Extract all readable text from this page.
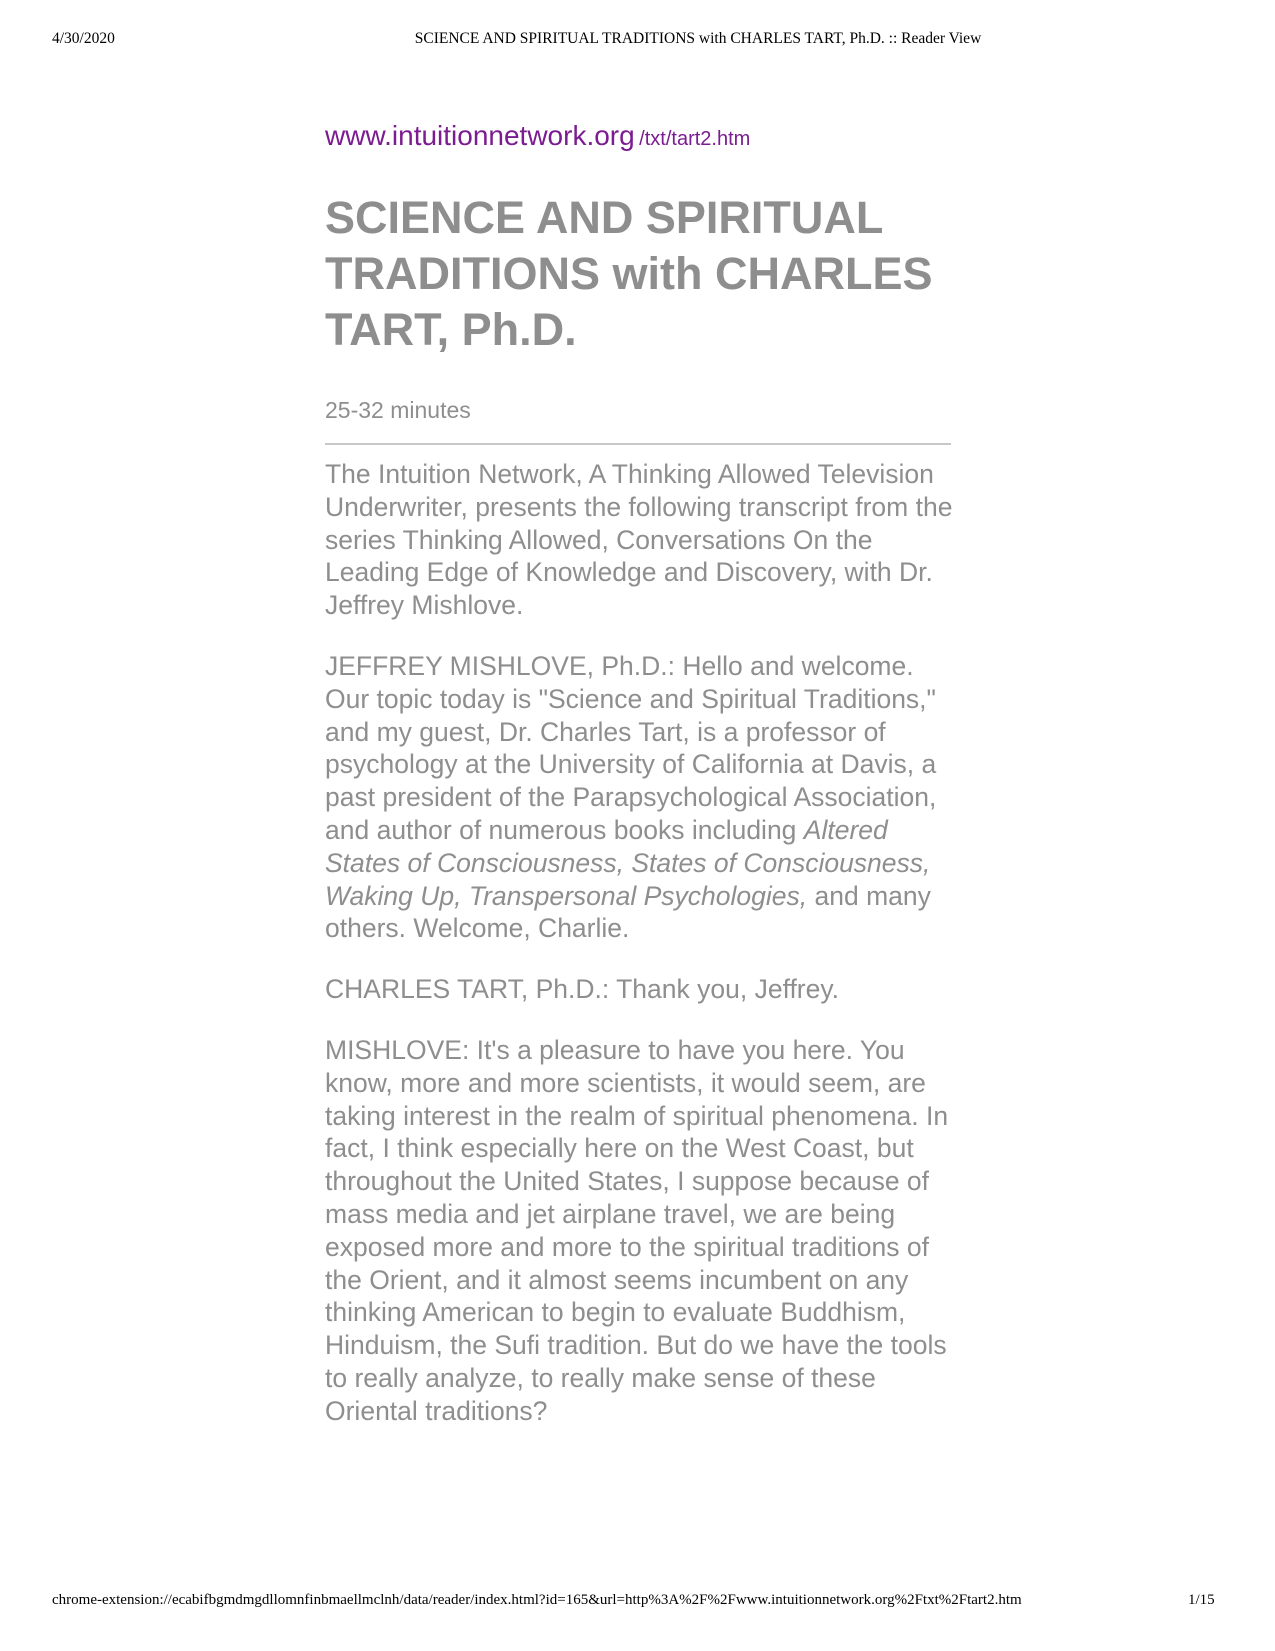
4/30/2020	SCIENCE AND SPIRITUAL TRADITIONS with CHARLES TART, Ph.D. :: Reader View
www.intuitionnetwork.org /txt/tart2.htm
SCIENCE AND SPIRITUAL TRADITIONS with CHARLES TART, Ph.D.
25-32 minutes

The Intuition Network, A Thinking Allowed Television Underwriter, presents the following transcript from the series Thinking Allowed, Conversations On the Leading Edge of Knowledge and Discovery, with Dr. Jeffrey Mishlove.

JEFFREY MISHLOVE, Ph.D.: Hello and welcome. Our topic today is "Science and Spiritual Traditions," and my guest, Dr. Charles Tart, is a professor of psychology at the University of California at Davis, a past president of the Parapsychological Association, and author of numerous books including Altered States of Consciousness, States of Consciousness, Waking Up, Transpersonal Psychologies, and many others. Welcome, Charlie.

CHARLES TART, Ph.D.: Thank you, Jeffrey.

MISHLOVE: It's a pleasure to have you here. You know, more and more scientists, it would seem, are taking interest in the realm of spiritual phenomena. In fact, I think especially here on the West Coast, but throughout the United States, I suppose because of mass media and jet airplane travel, we are being exposed more and more to the spiritual traditions of the Orient, and it almost seems incumbent on any thinking American to begin to evaluate Buddhism, Hinduism, the Sufi tradition. But do we have the tools to really analyze, to really make sense of these Oriental traditions?

chrome-extension://ecabifbgmdmgdllomnfinbmaellmclnh/data/reader/index.html?id=165&url=http%3A%2F%2Fwww.intuitionnetwork.org%2Ftxt%2Ftart2.htm	1/15
